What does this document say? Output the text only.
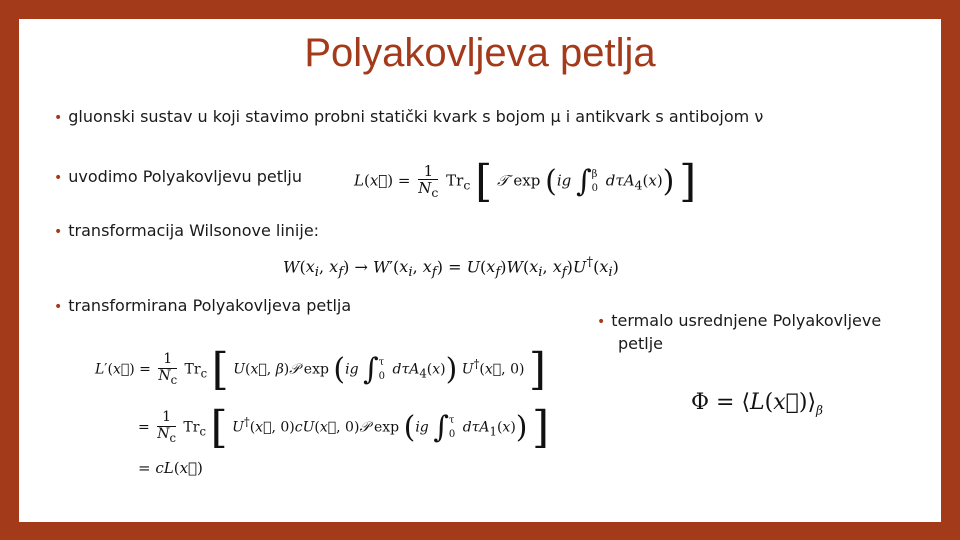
Polyakovljeva petlja
• gluonski sustav u koji stavimo probni statički kvark s bojom μ i antikvark s antibojom ν
• uvodimo Polyakovljevu petlju	L(x⃗) = $\frac{1}{N_c} Tr_c$ [ 𝒯 exp (ig ∫ β
0 dτA$_4$(x)) ]
• transformacija Wilsonove linije:
$W(x_i$, $x_f) \to W'(x_i$, $x_f) = U(x_f)W(x_i$, $x_f)U^\dagger(x_i)$
• transformirana Polyakovljeva petlja
L′(x⃗) = $\frac{1}{N_c} Tr_c$ [ U(x⃗, β)𝒫 exp (ig ∫ τ
0 dτA$_4$(x)) U†(x⃗, 0) ]
= $\frac{1}{N_c} Tr_c$ [ U†(x⃗, 0)cU(x⃗, 0)𝒫 exp (ig ∫ τ
0 dτA$_1$(x)) ]
= cL(x⃗)
• termalo usrednjene Polyakovljeve
petlje
$\Phi = ⟨L(x⃗)⟩_\beta$
